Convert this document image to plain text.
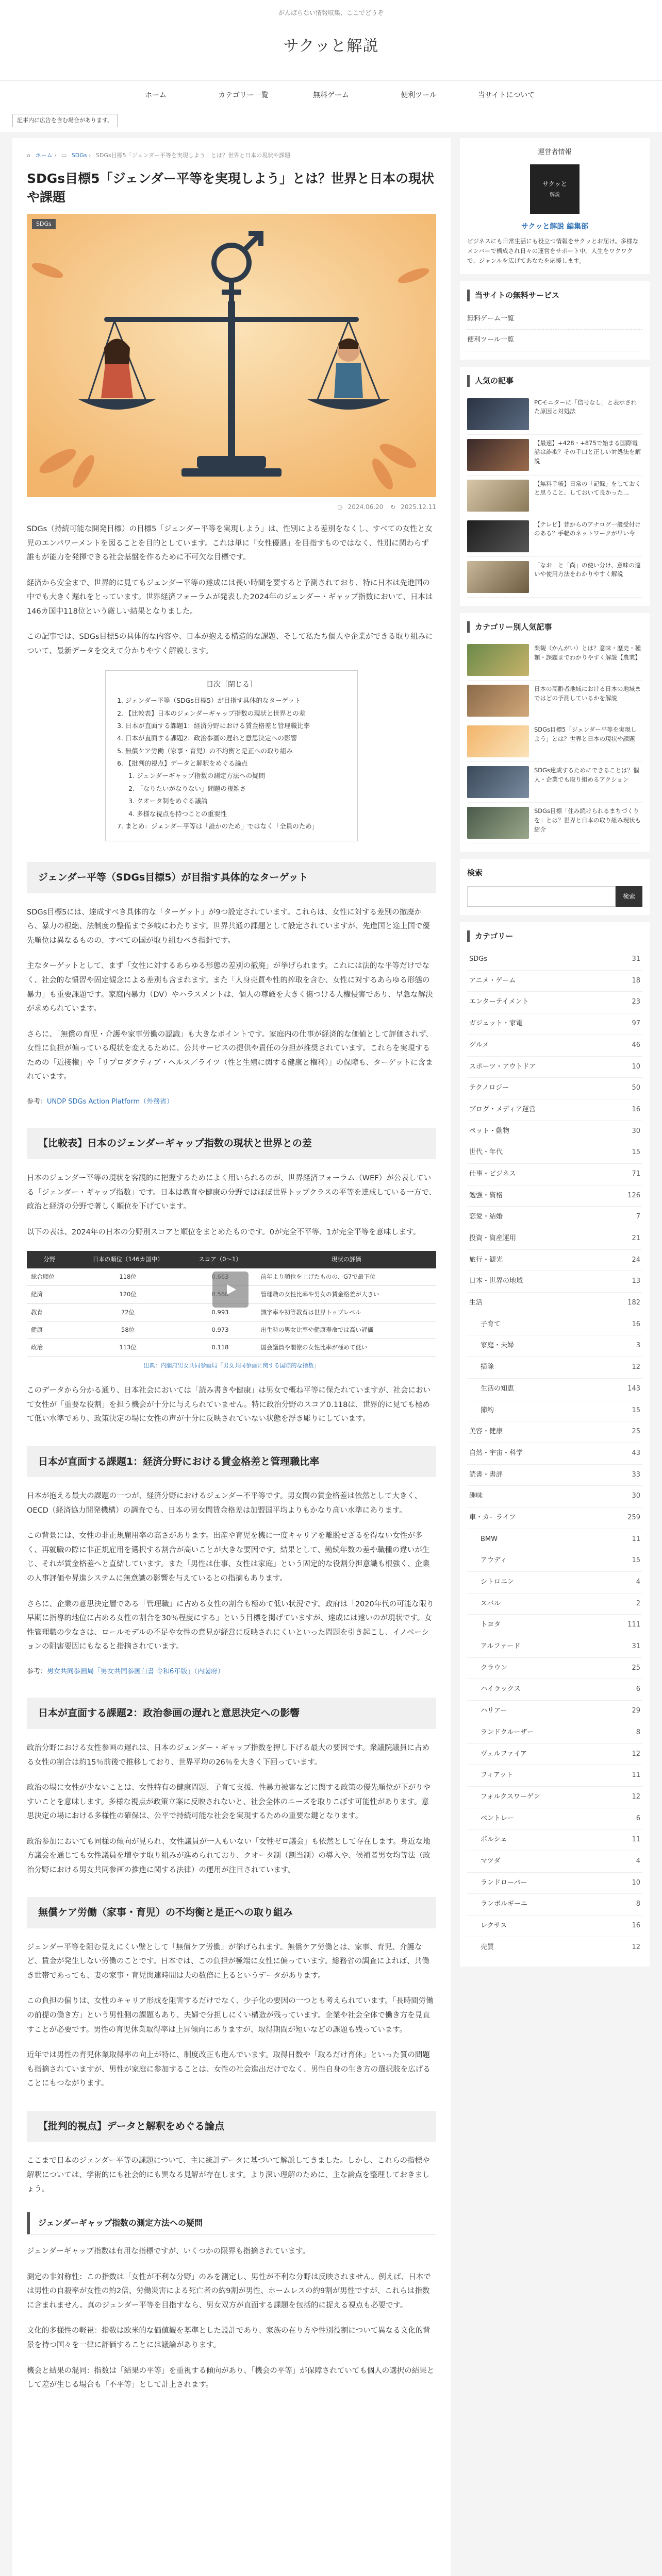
がんばらない情報収集、ここでどうぞ
サクッと解説
ホーム	カテゴリー一覧	無料ゲーム	便利ツール	当サイトについて
記事内に広告を含む場合があります。
⌂ ホーム › ▭ SDGs › SDGs目標5「ジェンダー平等を実現しよう」とは？世界と日本の現状や課題
SDGs目標5「ジェンダー平等を実現しよう」とは？世界と日本の現状や課題
SDGs
◷ 2024.06.20 ↻ 2025.12.11

SDGs（持続可能な開発目標）の目標5「ジェンダー平等を実現しよう」は、性別による差別をなくし、すべての女性と女児のエンパワーメントを図ることを目的としています。これは単に「女性優遇」を目指すものではなく、性別に関わらず誰もが能力を発揮できる社会基盤を作るために不可欠な目標です。

経済から安全まで、世界的に見てもジェンダー平等の達成には長い時間を要すると予測されており、特に日本は先進国の中でも大きく遅れをとっています。世界経済フォーラムが発表した2024年のジェンダー・ギャップ指数において、日本は146カ国中118位という厳しい結果となりました。

この記事では、SDGs目標5の具体的な内容や、日本が抱える構造的な課題、そして私たち個人や企業ができる取り組みについて、最新データを交えて分かりやすく解説します。

目次［閉じる］
1. ジェンダー平等（SDGs目標5）が目指す具体的なターゲット
2. 【比較表】日本のジェンダーギャップ指数の現状と世界との差
3. 日本が直面する課題1：経済分野における賃金格差と管理職比率
4. 日本が直面する課題2：政治参画の遅れと意思決定への影響
5. 無償ケア労働（家事・育児）の不均衡と是正への取り組み
6. 【批判的視点】データと解釈をめぐる論点
1. ジェンダーギャップ指数の測定方法への疑問
2. 「なりたいがなりない」問題の複雑さ
3. クオータ制をめぐる議論
4. 多様な視点を持つことの重要性
7. まとめ：ジェンダー平等は「誰かのため」ではなく「全員のため」
ジェンダー平等（SDGs目標5）が目指す具体的なターゲット

SDGs目標5には、達成すべき具体的な「ターゲット」が9つ設定されています。これらは、女性に対する差別の撤廃から、暴力の根絶、法制度の整備まで多岐にわたります。世界共通の課題として設定されていますが、先進国と途上国で優先順位は異なるものの、すべての国が取り組むべき指針です。

主なターゲットとして、まず「女性に対するあらゆる形態の差別の撤廃」が挙げられます。これには法的な平等だけでなく、社会的な慣習や固定観念による差別も含まれます。また「人身売買や性的搾取を含む、女性に対するあらゆる形態の暴力」も重要課題です。家庭内暴力（DV）やハラスメントは、個人の尊厳を大きく傷つける人権侵害であり、早急な解決が求められています。

さらに、「無償の育児・介護や家事労働の認識」も大きなポイントです。家庭内の仕事が経済的な価値として評価されず、女性に負担が偏っている現状を変えるために、公共サービスの提供や責任の分担が推奨されています。これらを実現するための「近接権」や「リプロダクティブ・ヘルス／ライツ（性と生殖に関する健康と権利）」の保障も、ターゲットに含まれています。

参考：UNDP SDGs Action Platform（外務省）
【比較表】日本のジェンダーギャップ指数の現状と世界との差

日本のジェンダー平等の現状を客観的に把握するためによく用いられるのが、世界経済フォーラム（WEF）が公表している「ジェンダー・ギャップ指数」です。日本は教育や健康の分野ではほぼ世界トップクラスの平等を達成している一方で、政治と経済の分野で著しく順位を下げています。

以下の表は、2024年の日本の分野別スコアと順位をまとめたものです。0が完全不平等、1が完全平等を意味します。

分野	日本の順位（146カ国中）	スコア（0〜1）	現状の評価
総合順位	118位		前年より順位を上げたものの、G7で最下位
経済	120位		管理職の女性比率や男女の賃金格差が大きい
教育	72位	0.993	識字率や初等教育は世界トップレベル
健康	58位	0.973	出生時の男女比率や健康寿命では高い評価
政治	113位	0.118	国会議員や閣僚の女性比率が極めて低い
出典：内閣府男女共同参画局「男女共同参画に関する国際的な指数」

このデータから分かる通り、日本社会においては「読み書きや健康」は男女で概ね平等に保たれていますが、社会において女性が「重要な役割」を担う機会が十分に与えられていません。特に政治分野のスコア0.118は、世界的に見ても極めて低い水準であり、政策決定の場に女性の声が十分に反映されていない状態を浮き彫りにしています。

日本が直面する課題1：経済分野における賃金格差と管理職比率

日本が抱える最大の課題の一つが、経済分野におけるジェンダー不平等です。男女間の賃金格差は依然として大きく、OECD（経済協力開発機構）の調査でも、日本の男女間賃金格差は加盟国平均よりもかなり高い水準にあります。

この背景には、女性の非正規雇用率の高さがあります。出産や育児を機に一度キャリアを離脱せざるを得ない女性が多く、再就職の際に非正規雇用を選択する割合が高いことが大きな要因です。結果として、勤続年数の差や職種の違いが生じ、それが賃金格差へと直結しています。また「男性は仕事、女性は家庭」という固定的な役割分担意識も根強く、企業の人事評価や昇進システムに無意識の影響を与えているとの指摘もあります。

さらに、企業の意思決定層である「管理職」に占める女性の割合も極めて低い状況です。政府は「2020年代の可能な限り早期に指導的地位に占める女性の割合を30％程度にする」という目標を掲げていますが、達成には遠いのが現状です。女性管理職の少なさは、ロールモデルの不足や女性の意見が経営に反映されにくいといった問題を引き起こし、イノベーションの阻害要因にもなると指摘されています。

参考：男女共同参画局「男女共同参画白書 令和6年版」（内閣府）
日本が直面する課題2：政治参画の遅れと意思決定への影響

政治分野における女性参画の遅れは、日本のジェンダー・ギャップ指数を押し下げる最大の要因です。衆議院議員に占める女性の割合は約15％前後で推移しており、世界平均の26％を大きく下回っています。

政治の場に女性が少ないことは、女性特有の健康問題、子育て支援、性暴力被害などに関する政策の優先順位が下がりやすいことを意味します。多様な視点が政策立案に反映されないと、社会全体のニーズを取りこぼす可能性があります。意思決定の場における多様性の確保は、公平で持続可能な社会を実現するための重要な鍵となります。

政治参加においても同様の傾向が見られ、女性議員が一人もいない「女性ゼロ議会」も依然として存在します。身近な地方議会を通じても女性議員を増やす取り組みが進められており、クオータ制（割当制）の導入や、候補者男女均等法（政治分野における男女共同参画の推進に関する法律）の運用が注目されています。

無償ケア労働（家事・育児）の不均衡と是正への取り組み

ジェンダー平等を阻む見えにくい壁として「無償ケア労働」が挙げられます。無償ケア労働とは、家事、育児、介護など、賃金が発生しない労働のことです。日本では、この負担が極端に女性に偏っています。総務省の調査によれば、共働き世帯であっても、妻の家事・育児関連時間は夫の数倍に上るというデータがあります。

この負担の偏りは、女性のキャリア形成を阻害するだけでなく、少子化の要因の一つとも考えられています。「長時間労働の前提の働き方」という男性側の課題もあり、夫婦で分担しにくい構造が残っています。企業や社会全体で働き方を見直すことが必要です。男性の育児休業取得率は上昇傾向にありますが、取得期間が短いなどの課題も残っています。

近年では男性の育児休業取得率の向上が特に、制度改正も進んでいます。取得日数や「取るだけ育休」といった質の問題も指摘されていますが、男性が家庭に参加することは、女性の社会進出だけでなく、男性自身の生き方の選択肢を広げることにもつながります。

【批判的視点】データと解釈をめぐる論点

ここまで日本のジェンダー平等の課題について、主に統計データに基づいて解説してきました。しかし、これらの指標や解釈については、学術的にも社会的にも異なる見解が存在します。より深い理解のために、主な論点を整理しておきましょう。

ジェンダーギャップ指数の測定方法への疑問

ジェンダーギャップ指数は有用な指標ですが、いくつかの限界も指摘されています。

測定の非対称性：この指数は「女性が不利な分野」のみを測定し、男性が不利な分野は反映されません。例えば、日本では男性の自殺率が女性の約2倍、労働災害による死亡者の約9割が男性、ホームレスの約9割が男性ですが、これらは指数に含まれません。真のジェンダー平等を目指すなら、男女双方が直面する課題を包括的に捉える視点も必要です。

文化的多様性の軽視：指数は欧米的な価値観を基準とした設計であり、家族の在り方や性別役割について異なる文化的背景を持つ国々を一律に評価することには議論があります。

機会と結果の混同：指数は「結果の平等」を重視する傾向があり、「機会の平等」が保障されていても個人の選択の結果として差が生じる場合も「不平等」として計上されます。

運営者情報
サクッと
解説
サクッと解説 編集部
ビジネスにも日常生活にも役立つ情報をサクッとお届け。多様なメンバーで構成され日々の運営をサポート中。人生をワクワクで、ジャンルを広げてあなたを応援します。
当サイトの無料サービス
無料ゲーム一覧
便利ツール一覧
人気の記事
PCモニターに「信号なし」と表示された原因と対処法
【最速】+428・+875で始まる国際電話は詐欺？その手口と正しい対処法を解説
【無料手帳】日常の「記録」をしておくと思うこと、しておいて良かった…
【テレビ】昔からのアナログ一般受付けのある？手軽のネットワークが早い今
「なお」と「尚」の使い分け、意味の違いや使用方法をわかりやすく解説
カテゴリー別人気記事
楽観（かんがい）とは？意味・歴史・種類・課題までわかりやすく解説【農業】
日本の高齢者地域における日本の地域まではどの予測しているかを解説
SDGs目標5「ジェンダー平等を実現しよう」とは？世界と日本の現状や課題
SDGs達成するためにできることは？個人・企業でも取り組めるアクション
SDGs目標「住み続けられるまちづくりを」とは？世界と日本の取り組み現状も紹介
検索
検索
カテゴリー
SDGs	31
アニメ・ゲーム	18
エンターテイメント	23
ガジェット・家電	97
グルメ	46
スポーツ・アウトドア	10
テクノロジー	50
ブログ・メディア運営	16
ペット・動物	30
世代・年代	15
仕事・ビジネス	71
勉強・資格	126
恋愛・結婚	7
投資・資産運用	21
旅行・観光	24
日本・世界の地域	13
生活	182
子育て	16
家庭・夫婦	3
掃除	12
生活の知恵	143
節約	15
美容・健康	25
自然・宇宙・科学	43
読書・書評	33
趣味	30
車・カーライフ	259
BMW	11
アウディ	15
シトロエン	4
スバル	2
トヨタ	111
アルファード	31
クラウン	25
ハイラックス	6
ハリアー	29
ランドクルーザー	8
ヴェルファイア	12
フィアット	11
フォルクスワーゲン	12
ベントレー	6
ポルシェ	11
マツダ	4
ランドローバー	10
ランボルギーニ	8
レクサス	16
売買	12
